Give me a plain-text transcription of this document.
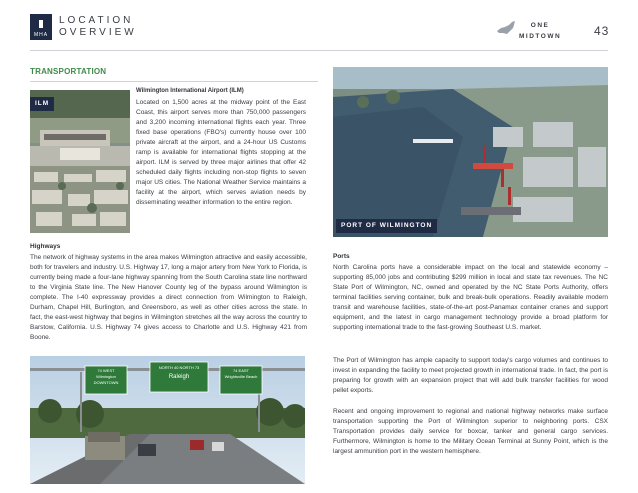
MHA
LOCATION
OVERVIEW
ONE
MIDTOWN	43
TRANSPORTATION
ILM
Wilmington International Airport (ILM)
Located on 1,500 acres at the midway point of the East Coast, this airport serves more than 750,000 passengers and 3,200 incoming international flights each year. Three fixed base operations (FBO's) currently house over 100 private aircraft at the airport, and a 24-hour US Customs ramp is available for international flights stopping at the airport. ILM is served by three major airlines that offer 42 scheduled daily flights including non-stop flights to seven major US cities. The National Weather Service maintains a facility at the airport, which serves aviation needs by disseminating weather information to the entire region.
Highways
The network of highway systems in the area makes Wilmington attractive and easily accessible, both for travelers and industry. U.S. Highway 17, long a major artery from New York to Florida, is currently being made a four-lane highway spanning from the South Carolina state line northward to the Virginia State line. The New Hanover County leg of the bypass around Wilmington is complete. The I-40 expressway provides a direct connection from Wilmington to Raleigh, Durham, Chapel Hill, Burlington, and Greensboro, as well as other cities across the state. In fact, the east-west highway that begins in Wilmington stretches all the way across the country to Barstow, California. U.S. Highway 74 gives access to Charlotte and U.S. Highway 421 from Boone.
74 WEST
Wilmington DOWNTOWN
NORTH 40 NORTH 73
Raleigh
74 EAST
Wrightsville Beach
PORT OF WILMINGTON
Ports
North Carolina ports have a considerable impact on the local and statewide economy – supporting 85,000 jobs and contributing $299 million in local and state tax revenues. The NC State Port of Wilmington, NC, owned and operated by the NC State Ports Authority, offers terminal facilities serving container, bulk and break-bulk operations. Readily available modern transit and warehouse facilities, state-of-the-art post-Panamax container cranes and support equipment, and the latest in cargo management technology provide a broad platform for supporting international trade to the fast-growing Southeast U.S. market.
The Port of Wilmington has ample capacity to support today's cargo volumes and continues to invest in expanding the facility to meet projected growth in international trade. In fact, the port is preparing for growth with an expansion project that will add bulk transfer facilities for wood pellet exports.
Recent and ongoing improvement to regional and national highway networks make surface transportation supporting the Port of Wilmington superior to neighboring ports. CSX Transportation provides daily service for boxcar, tanker and general cargo services. Furthermore, Wilmington is home to the Military Ocean Terminal at Sunny Point, which is the largest ammunition port in the western hemisphere.
